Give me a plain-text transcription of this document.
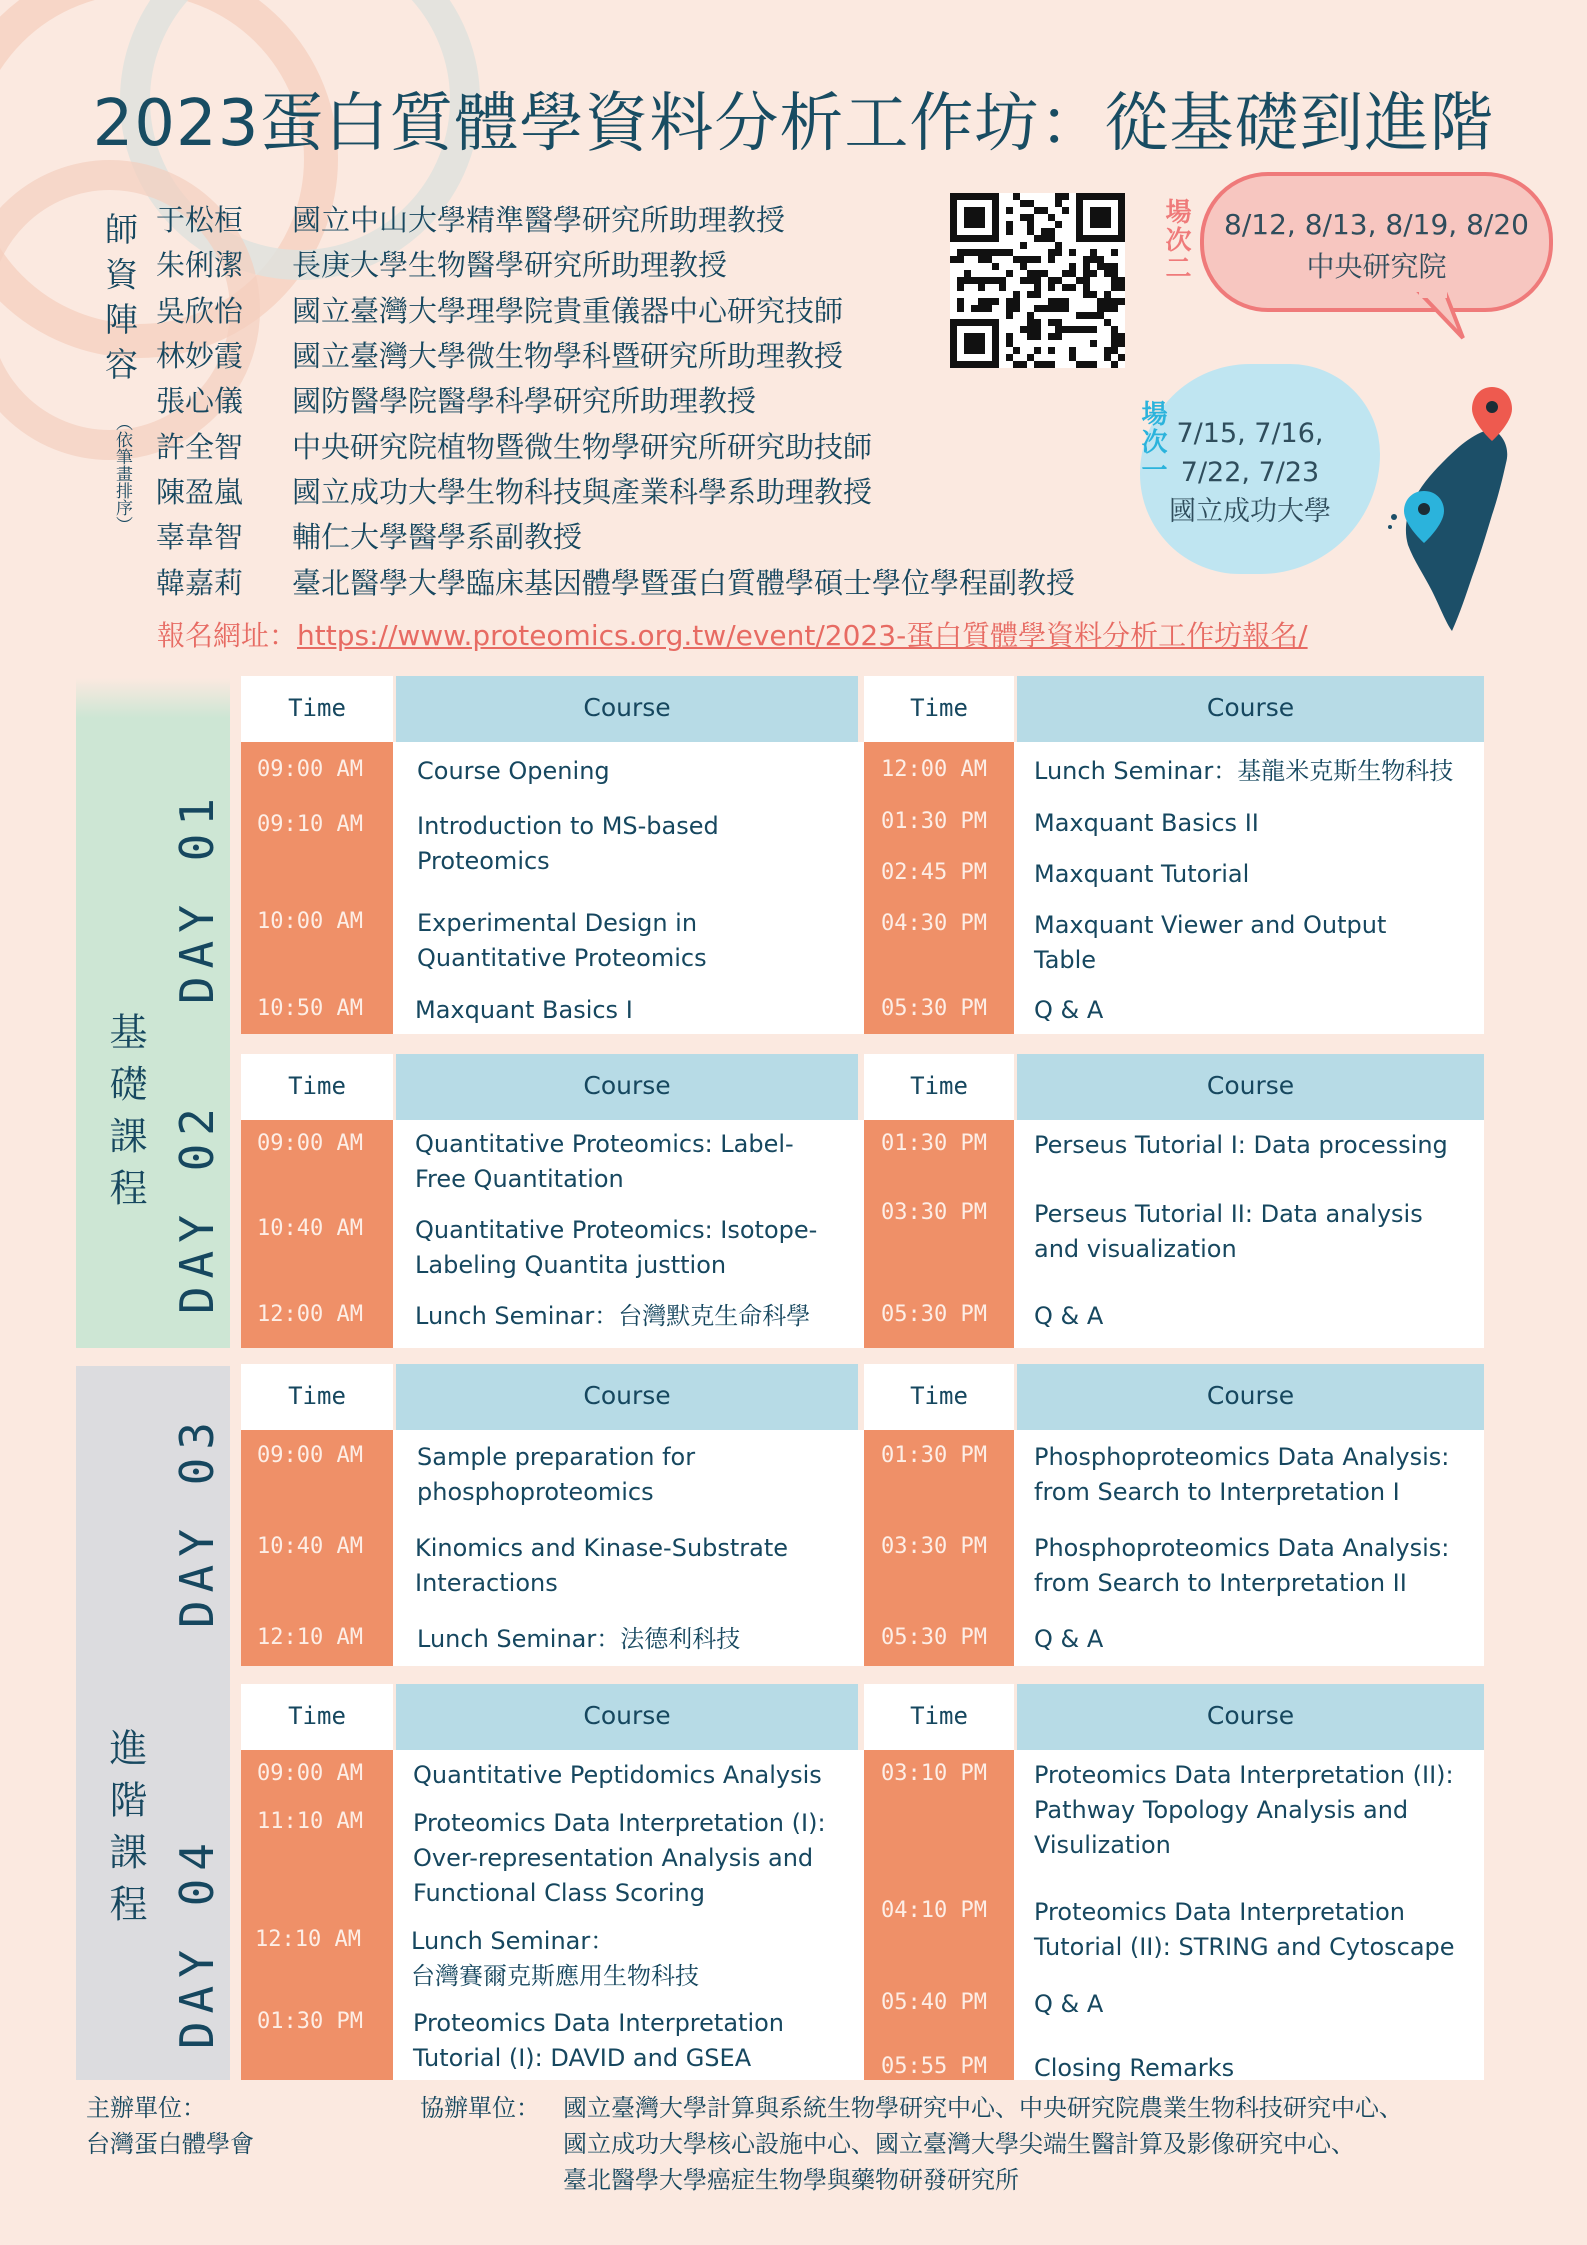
2023蛋白質體學資料分析工作坊：從基礎到進階
師資陣容
（依筆畫排序）
于松桓	國立中山大學精準醫學研究所助理教授
朱俐潔	長庚大學生物醫學研究所助理教授
吳欣怡	國立臺灣大學理學院貴重儀器中心研究技師
林妙霞	國立臺灣大學微生物學科暨研究所助理教授
張心儀	國防醫學院醫學科學研究所助理教授
許全智	中央研究院植物暨微生物學研究所研究助技師
陳盈嵐	國立成功大學生物科技與產業科學系助理教授
辜韋智	輔仁大學醫學系副教授
韓嘉莉	臺北醫學大學臨床基因體學暨蛋白質體學碩士學位學程副教授
報名網址：https://www.proteomics.org.tw/event/2023-蛋白質體學資料分析工作坊報名/
場次二	8/12, 8/13, 8/19, 8/20
中央研究院
場次一 7/15, 7/16,
7/22, 7/23
國立成功大學
基礎課程
進階課程
DAY 01
DAY 02
DAY 03
DAY 04
Time	Course	Time	Course
09:00 AM Course Opening
09:10 AM Introduction to MS-based Proteomics
10:00 AM Experimental Design in Quantitative Proteomics
10:50 AM Maxquant Basics I
12:00 AM Lunch Seminar：基龍米克斯生物科技
01:30 PM Maxquant Basics II
02:45 PM Maxquant Tutorial
04:30 PM Maxquant Viewer and Output Table
05:30 PM Q & A
Time	Course	Time	Course
09:00 AM Quantitative Proteomics: Label-Free Quantitation
10:40 AM Quantitative Proteomics: Isotope-Labeling Quantita justtion
12:00 AM Lunch Seminar：台灣默克生命科學
01:30 PM Perseus Tutorial I: Data processing
03:30 PM Perseus Tutorial II: Data analysis and visualization
05:30 PM Q & A
Time	Course	Time	Course
09:00 AM Sample preparation for phosphoproteomics
10:40 AM Kinomics and Kinase-Substrate Interactions
12:10 AM Lunch Seminar：法德利科技
01:30 PM Phosphoproteomics Data Analysis: from Search to Interpretation I
03:30 PM Phosphoproteomics Data Analysis: from Search to Interpretation II
05:30 PM Q & A
Time	Course	Time	Course
09:00 AM Quantitative Peptidomics Analysis
11:10 AM Proteomics Data Interpretation (I): Over-representation Analysis and Functional Class Scoring
12:10 AM Lunch Seminar：
台灣賽爾克斯應用生物科技
01:30 PM Proteomics Data Interpretation Tutorial (I): DAVID and GSEA
03:10 PM Proteomics Data Interpretation (II): Pathway Topology Analysis and Visulization
04:10 PM Proteomics Data Interpretation Tutorial (II): STRING and Cytoscape
05:40 PM Q & A
05:55 PM Closing Remarks
主辦單位：
台灣蛋白體學會
協辦單位： 國立臺灣大學計算與系統生物學研究中心、中央研究院農業生物科技研究中心、
國立成功大學核心設施中心、國立臺灣大學尖端生醫計算及影像研究中心、
臺北醫學大學癌症生物學與藥物研發研究所
